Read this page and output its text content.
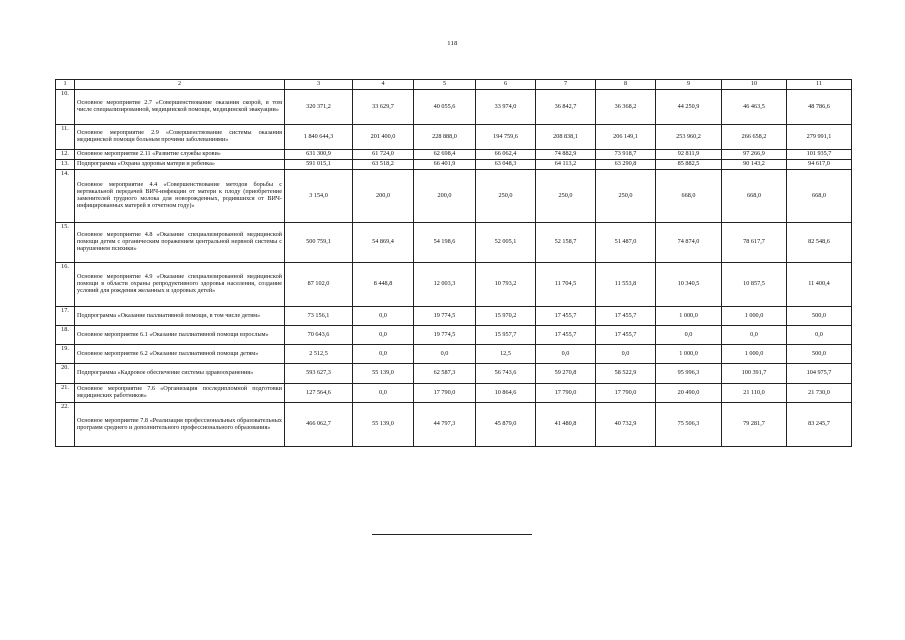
118
1	2	3	4	5	6	7	8	9	10	11
10.	Основное мероприятие 2.7 «Совершенствование оказания скорой, в том числе специализированной, медицинской помощи, медицинской эвакуации»	320 371,2	33 629,7	40 055,6	33 974,0	36 842,7	36 368,2	44 250,9	46 463,5	48 786,6
11.	Основное мероприятие 2.9 «Совершенствование системы оказания медицинской помощи больным прочими заболеваниями»	1 840 644,3	201 400,0	228 888,0	194 759,6	208 838,1	206 149,1	253 960,2	266 658,2	279 991,1
12.	Основное мероприятие 2.11 «Развитие службы крови»	631 300,9	61 724,0	62 698,4	66 062,4	74 882,9	73 918,7	92 811,9	97 266,9	101 935,7
13.	Подпрограмма «Охрана здоровья матери и ребенка»	591 015,1	63 518,2	66 401,9	63 048,3	64 113,2	63 290,8	85 882,5	90 143,2	94 617,0
14.	Основное мероприятие 4.4 «Совершенствование методов борьбы с вертикальной передачей ВИЧ-инфекции от матери к плоду (приобретение заменителей грудного молока для новорожденных, родившихся от ВИЧ-инфицированных матерей в отчетном году)»	3 154,0	200,0	200,0	250,0	250,0	250,0	668,0	668,0	668,0
15.	Основное мероприятие 4.8 «Оказание специализированной медицинской помощи детям с органическим поражением центральной нервной системы с нарушением психики»	500 759,1	54 869,4	54 198,6	52 005,1	52 158,7	51 487,0	74 874,0	78 617,7	82 548,6
16.	Основное мероприятие 4.9 «Оказание специализированной медицинской помощи в области охраны репродуктивного здоровья населения, создание условий для рождения желанных и здоровых детей»	87 102,0	8 448,8	12 003,3	10 793,2	11 704,5	11 553,8	10 340,5	10 857,5	11 400,4
17.	Подпрограмма «Оказание паллиативной помощи, в том числе детям»	73 156,1	0,0	19 774,5	15 970,2	17 455,7	17 455,7	1 000,0	1 000,0	500,0
18.	Основное мероприятие 6.1 «Оказание паллиативной помощи взрослым»	70 643,6	0,0	19 774,5	15 957,7	17 455,7	17 455,7	0,0	0,0	0,0
19.	Основное мероприятие 6.2 «Оказание паллиативной помощи детям»	2 512,5	0,0	0,0	12,5	0,0	0,0	1 000,0	1 000,0	500,0
20.	Подпрограмма «Кадровое обеспечение системы здравоохранения»	593 627,3	55 139,0	62 587,3	56 743,6	59 270,8	58 522,9	95 996,3	100 391,7	104 975,7
21.	Основное мероприятие 7.6 «Организация последипломной подготовки медицинских работников»	127 564,6	0,0	17 790,0	10 864,6	17 790,0	17 790,0	20 490,0	21 110,0	21 730,0
22.	Основное мероприятие 7.8 «Реализация профессиональных образовательных программ среднего и дополнительного профессионального образования»	466 062,7	55 139,0	44 797,3	45 879,0	41 480,8	40 732,9	75 506,3	79 281,7	83 245,7
